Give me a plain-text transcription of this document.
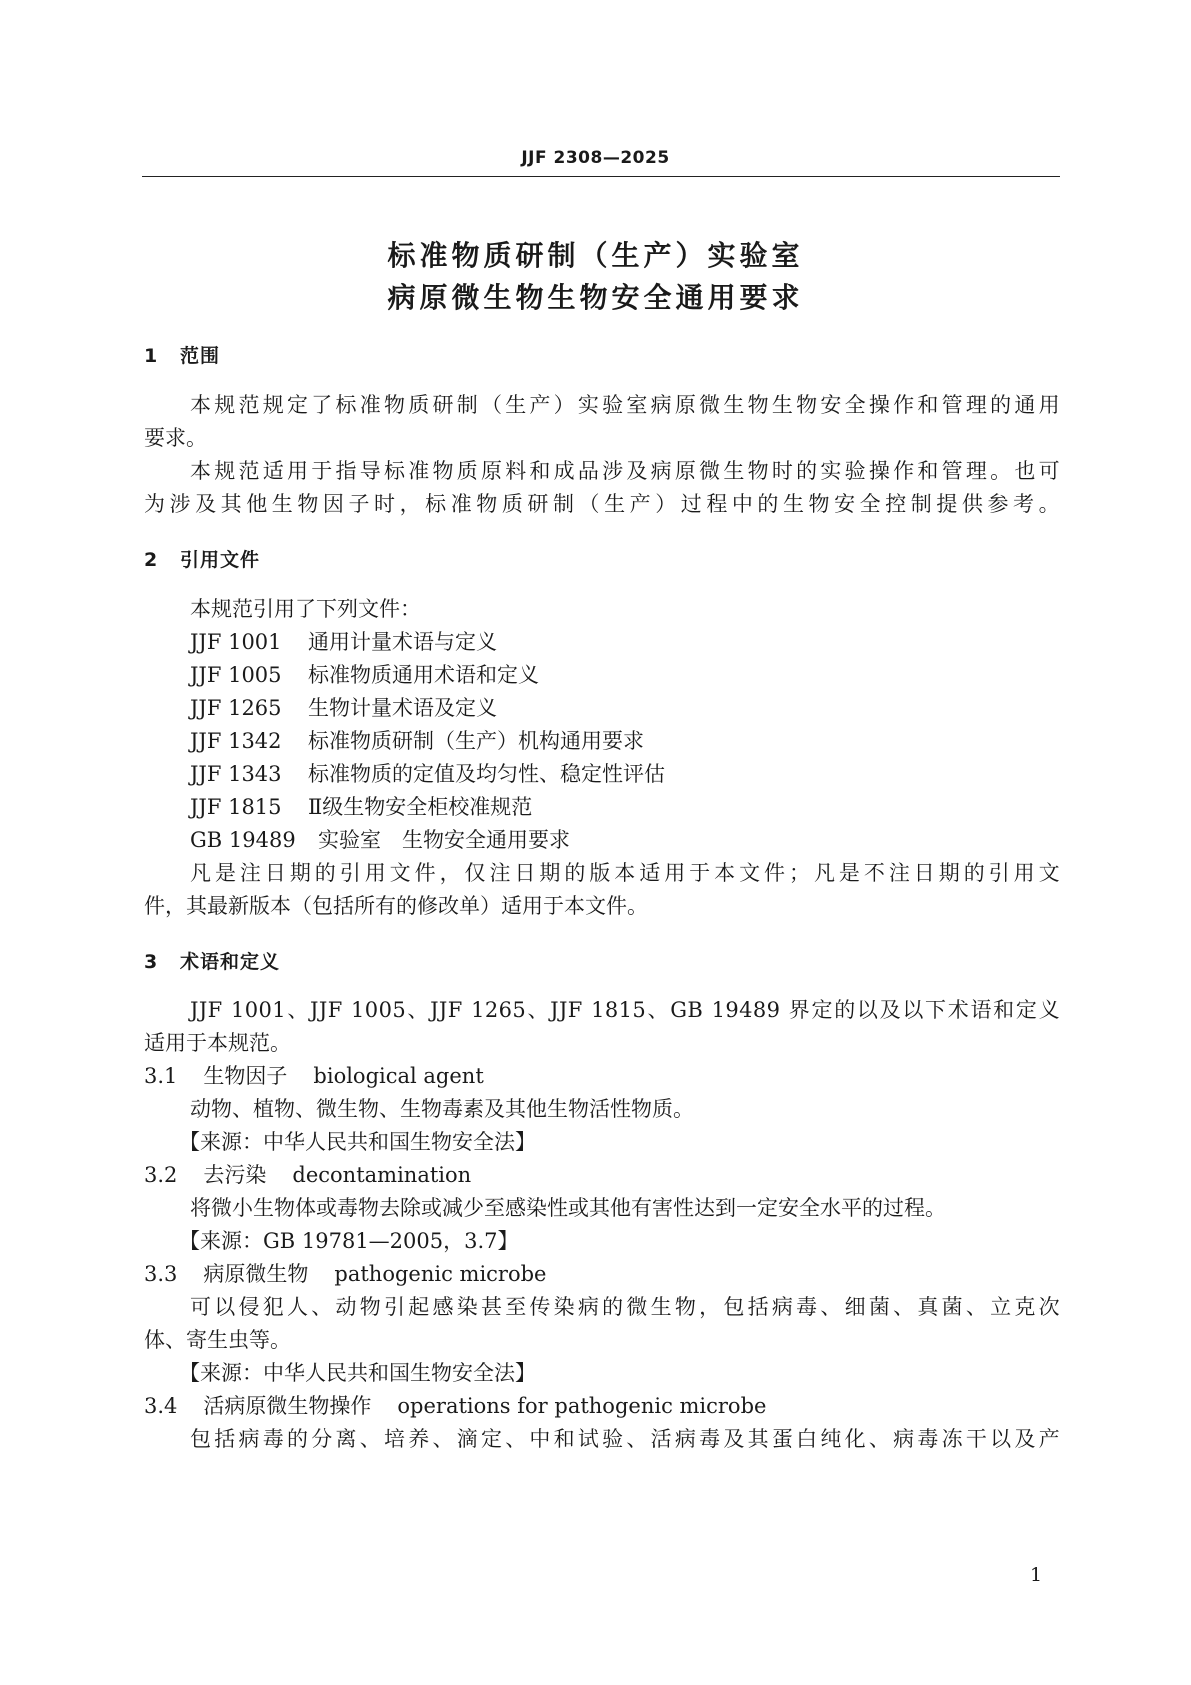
JJF 2308—2025
标准物质研制（生产）实验室
病原微生物生物安全通用要求
1 范围
本规范规定了标准物质研制（生产）实验室病原微生物生物安全操作和管理的通用
要求。
本规范适用于指导标准物质原料和成品涉及病原微生物时的实验操作和管理。也可
为涉及其他生物因子时，标准物质研制（生产）过程中的生物安全控制提供参考。
2 引用文件
本规范引用了下列文件：
JJF 1001 通用计量术语与定义
JJF 1005 标准物质通用术语和定义
JJF 1265 生物计量术语及定义
JJF 1342 标准物质研制（生产）机构通用要求
JJF 1343 标准物质的定值及均匀性、稳定性评估
JJF 1815 Ⅱ级生物安全柜校准规范
GB 19489 实验室　生物安全通用要求
凡是注日期的引用文件，仅注日期的版本适用于本文件；凡是不注日期的引用文
件，其最新版本（包括所有的修改单）适用于本文件。
3 术语和定义
JJF 1001、JJF 1005、JJF 1265、JJF 1815、GB 19489 界定的以及以下术语和定义
适用于本规范。
3.1 生物因子 biological agent
动物、植物、微生物、生物毒素及其他生物活性物质。
【来源：中华人民共和国生物安全法】
3.2 去污染 decontamination
将微小生物体或毒物去除或减少至感染性或其他有害性达到一定安全水平的过程。
【来源：GB 19781—2005，3.7】
3.3 病原微生物 pathogenic microbe
可以侵犯人、动物引起感染甚至传染病的微生物，包括病毒、细菌、真菌、立克次
体、寄生虫等。
【来源：中华人民共和国生物安全法】
3.4 活病原微生物操作 operations for pathogenic microbe
包括病毒的分离、培养、滴定、中和试验、活病毒及其蛋白纯化、病毒冻干以及产
1
